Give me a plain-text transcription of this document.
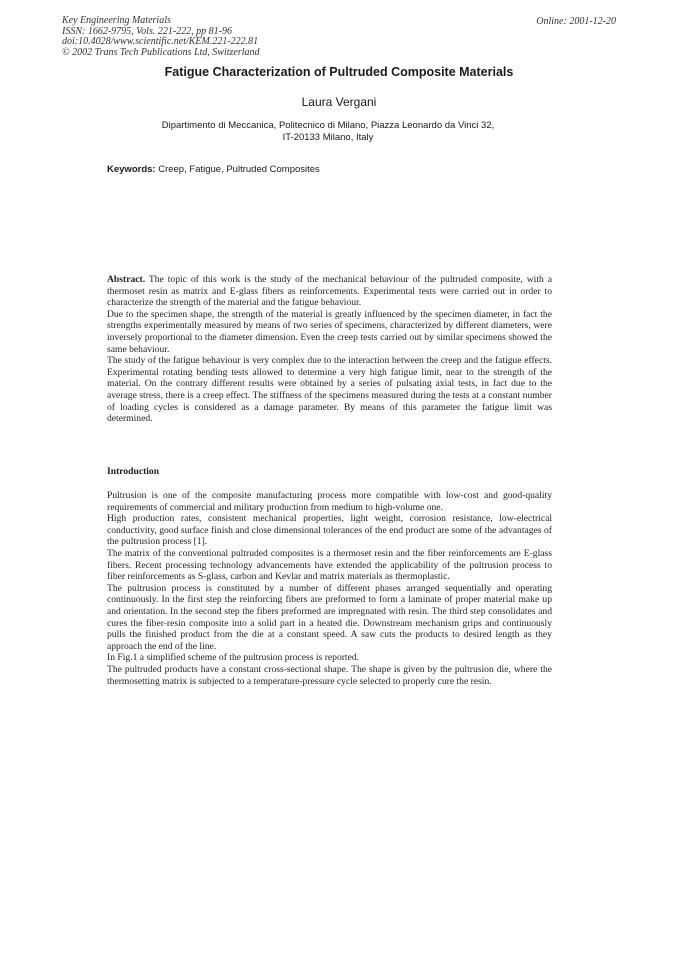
Key Engineering Materials
ISSN: 1662-9795, Vols. 221-222, pp 81-96
doi:10.4028/www.scientific.net/KEM.221-222.81
© 2002 Trans Tech Publications Ltd, Switzerland
Online: 2001-12-20
Fatigue Characterization of Pultruded Composite Materials
Laura Vergani
Dipartimento di Meccanica, Politecnico di Milano, Piazza Leonardo da Vinci 32,
IT-20133 Milano, Italy
Keywords: Creep, Fatigue, Pultruded Composites

Abstract. The topic of this work is the study of the mechanical behaviour of the pultruded composite, with a thermoset resin as matrix and E-glass fibers as reinforcements. Experimental tests were carried out in order to characterize the strength of the material and the fatigue behaviour.

Due to the specimen shape, the strength of the material is greatly influenced by the specimen diameter, in fact the strengths experimentally measured by means of two series of specimens, characterized by different diameters, were inversely proportional to the diameter dimension. Even the creep tests carried out by similar specimens showed the same behaviour.

The study of the fatigue behaviour is very complex due to the interaction between the creep and the fatigue effects. Experimental rotating bending tests allowed to determine a very high fatigue limit, near to the strength of the material. On the contrary different results were obtained by a series of pulsating axial tests, in fact due to the average stress, there is a creep effect. The stiffness of the specimens measured during the tests at a constant number of loading cycles is considered as a damage parameter. By means of this parameter the fatigue limit was determined.

Introduction

Pultrusion is one of the composite manufacturing process more compatible with low-cost and good-quality requirements of commercial and military production from medium to high-volume one.

High production rates, consistent mechanical properties, light weight, corrosion resistance, low-electrical conductivity, good surface finish and close dimensional tolerances of the end product are some of the advantages of the pultrusion process [1].

The matrix of the conventional pultruded composites is a thermoset resin and the fiber reinforcements are E-glass fibers. Recent processing technology advancements have extended the applicability of the pultrusion process to fiber reinforcements as S-glass, carbon and Kevlar and matrix materials as thermoplastic.

The pultrusion process is constituted by a number of different phases arranged sequentially and operating continuously. In the first step the reinforcing fibers are preformed to form a laminate of proper material make up and orientation. In the second step the fibers preformed are impregnated with resin. The third step consolidates and cures the fiber-resin composite into a solid part in a heated die. Downstream mechanism grips and continuously pulls the finished product from the die at a constant speed. A saw cuts the products to desired length as they approach the end of the line.

In Fig.1 a simplified scheme of the pultrusion process is reported.

The pultruded products have a constant cross-sectional shape. The shape is given by the pultrusion die, where the thermosetting matrix is subjected to a temperature-pressure cycle selected to properly cure the resin.
